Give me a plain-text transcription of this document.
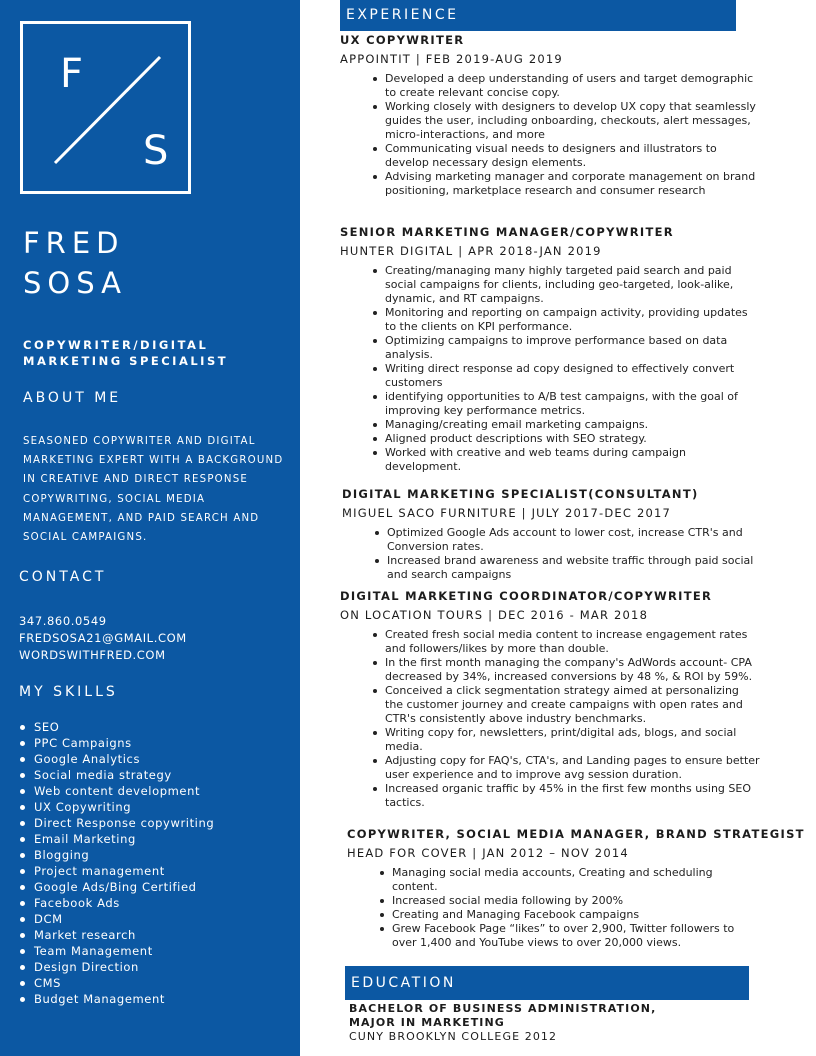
F
S
FRED
SOSA
COPYWRITER/DIGITAL
MARKETING SPECIALIST
ABOUT ME
SEASONED COPYWRITER AND DIGITAL MARKETING EXPERT WITH A BACKGROUND IN CREATIVE AND DIRECT RESPONSE COPYWRITING, SOCIAL MEDIA MANAGEMENT, AND PAID SEARCH AND SOCIAL CAMPAIGNS.
CONTACT
347.860.0549
FREDSOSA21@GMAIL.COM
WORDSWITHFRED.COM
MY SKILLS
SEO
PPC Campaigns
Google Analytics
Social media strategy
Web content development
UX Copywriting
Direct Response copywriting
Email Marketing
Blogging
Project management
Google Ads/Bing Certified
Facebook Ads
DCM
Market research
Team Management
Design Direction
CMS
Budget Management
EXPERIENCE
UX COPYWRITER
APPOINTIT | FEB 2019-AUG 2019
Developed a deep understanding of users and target demographic to create relevant concise copy.
Working closely with designers to develop UX copy that seamlessly guides the user, including onboarding, checkouts, alert messages, micro-interactions, and more
Communicating visual needs to designers and illustrators to develop necessary design elements.
Advising marketing manager and corporate management on brand positioning, marketplace research and consumer research
SENIOR MARKETING MANAGER/COPYWRITER
HUNTER DIGITAL | APR 2018-JAN 2019
Creating/managing many highly targeted paid search and paid social campaigns for clients, including geo-targeted, look-alike, dynamic, and RT campaigns.
Monitoring and reporting on campaign activity, providing updates to the clients on KPI performance.
Optimizing campaigns to improve performance based on data analysis.
Writing direct response ad copy designed to effectively convert customers
identifying opportunities to A/B test campaigns, with the goal of improving key performance metrics.
Managing/creating email marketing campaigns.
Aligned product descriptions with SEO strategy.
Worked with creative and web teams during campaign development.
DIGITAL MARKETING SPECIALIST(CONSULTANT)
MIGUEL SACO FURNITURE | JULY 2017-DEC 2017
Optimized Google Ads account to lower cost, increase CTR's and Conversion rates.
Increased brand awareness and website traffic through paid social and search campaigns
DIGITAL MARKETING COORDINATOR/COPYWRITER
ON LOCATION TOURS | DEC 2016 - MAR 2018
Created fresh social media content to increase engagement rates and followers/likes by more than double.
In the first month managing the company's AdWords account- CPA decreased by 34%, increased conversions by 48 %, & ROI by 59%.
Conceived a click segmentation strategy aimed at personalizing the customer journey and create campaigns with open rates and CTR's consistently above industry benchmarks.
Writing copy for, newsletters, print/digital ads, blogs, and social media.
Adjusting copy for FAQ's, CTA's, and Landing pages to ensure better user experience and to improve avg session duration.
Increased organic traffic by 45% in the first few months using SEO tactics.
COPYWRITER, SOCIAL MEDIA MANAGER, BRAND STRATEGIST
HEAD FOR COVER | JAN 2012 – NOV 2014
Managing social media accounts, Creating and scheduling content.
Increased social media following by 200%
Creating and Managing Facebook campaigns
Grew Facebook Page “likes” to over 2,900, Twitter followers to over 1,400 and YouTube views to over 20,000 views.
EDUCATION
BACHELOR OF BUSINESS ADMINISTRATION,
MAJOR IN MARKETING
CUNY BROOKLYN COLLEGE 2012
